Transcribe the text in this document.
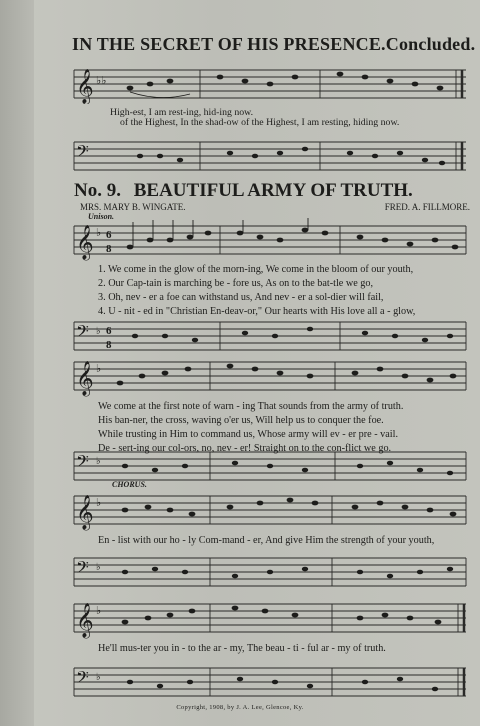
IN THE SECRET OF HIS PRESENCE. Concluded.
𝄞 ♭♭
High-est, I am rest-ing, hid-ing now.
of the Highest, In the shad-ow of the Highest, I am resting, hiding now.
𝄢
No. 9. BEAUTIFUL ARMY OF TRUTH.
MRS. MARY B. WINGATE.	FRED. A. FILLMORE.
Unison.
𝄞 ♭ 6
8
1. We come in the glow of the morn-ing, We come in the bloom of our youth,
2. Our Cap-tain is marching be - fore us, As on to the bat-tle we go,
3. Oh, nev - er a foe can withstand us, And nev - er a sol-dier will fail,
4. U - nit - ed in "Christian En-deav-or," Our hearts with His love all a - glow,
𝄢 ♭ 6
8
𝄞 ♭
We come at the first note of warn - ing That sounds from the army of truth.
His ban-ner, the cross, waving o'er us, Will help us to conquer the foe.
While trusting in Him to command us, Whose army will ev - er pre - vail.
De - sert-ing our col-ors, no, nev - er! Straight on to the con-flict we go.
𝄢 ♭
CHORUS.
𝄞 ♭
En - list with our ho - ly Com-mand - er, And give Him the strength of your youth,
𝄢 ♭
𝄞 ♭
He'll mus-ter you in - to the ar - my, The beau - ti - ful ar - my of truth.
𝄢 ♭
Copyright, 1908, by J. A. Lee, Glencoe, Ky.
